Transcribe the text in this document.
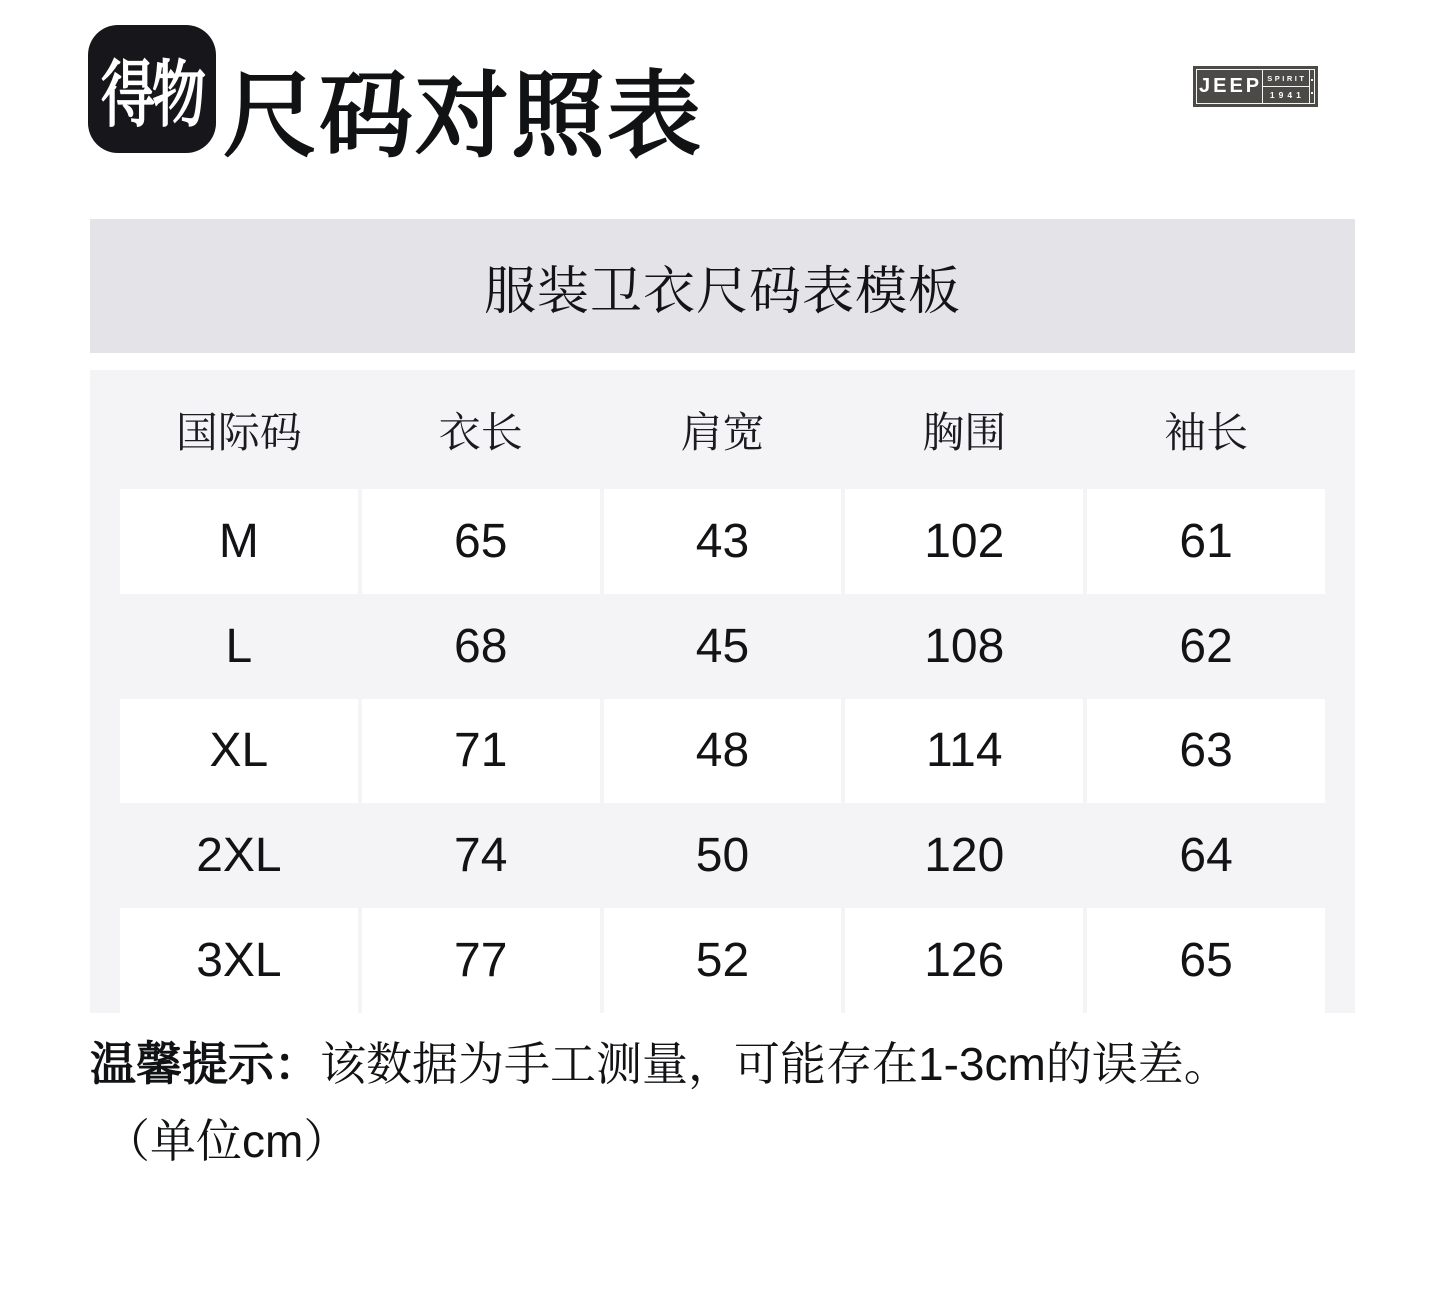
得物 尺码对照表	JEEP SPIRIT
1941
服装卫衣尺码表模板
国际码	衣长	肩宽	胸围	袖长
M	65	43	102	61
L	68	45	108	62
XL	71	48	114	63
2XL	74	50	120	64
3XL	77	52	126	65
温馨提示：该数据为手工测量，可能存在1-3cm的误差。
（单位cm）
